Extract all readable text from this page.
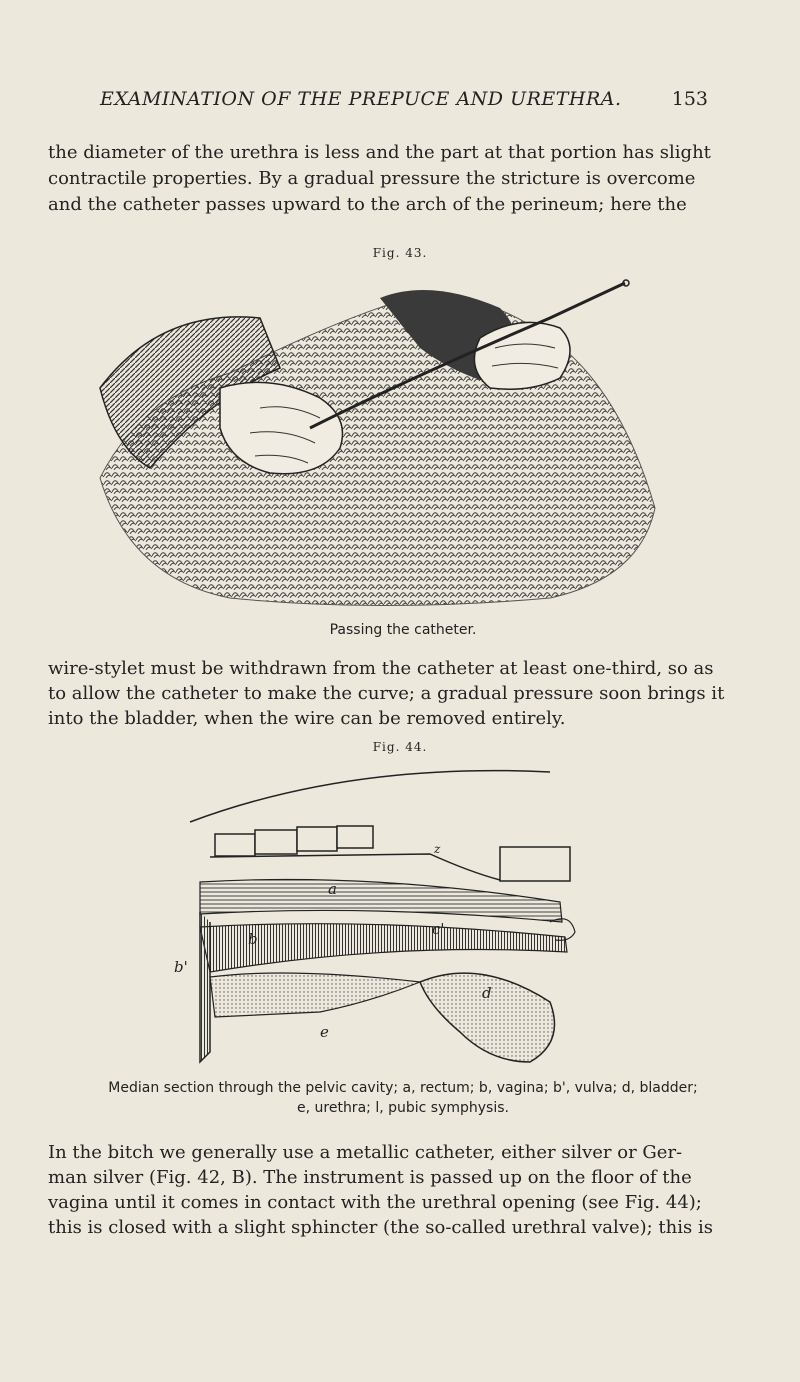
EXAMINATION OF THE PREPUCE AND URETHRA.	153

the diameter of the urethra is less and the part at that portion has slight

contractile properties. By a gradual pressure the stricture is overcome

and the catheter passes upward to the arch of the perineum; here the

Fig. 43.
Passing the catheter.

wire-stylet must be withdrawn from the catheter at least one-third, so as

to allow the catheter to make the curve; a gradual pressure soon brings it

into the bladder, when the wire can be removed entirely.

Fig. 44.
a
b
b'
c'
d
e
z
Median section through the pelvic cavity; a, rectum; b, vagina; b', vulva; d, bladder;
e, urethra; l, pubic symphysis.

In the bitch we generally use a metallic catheter, either silver or Ger-

man silver (Fig. 42, B). The instrument is passed up on the floor of the

vagina until it comes in contact with the urethral opening (see Fig. 44);

this is closed with a slight sphincter (the so-called urethral valve); this is
